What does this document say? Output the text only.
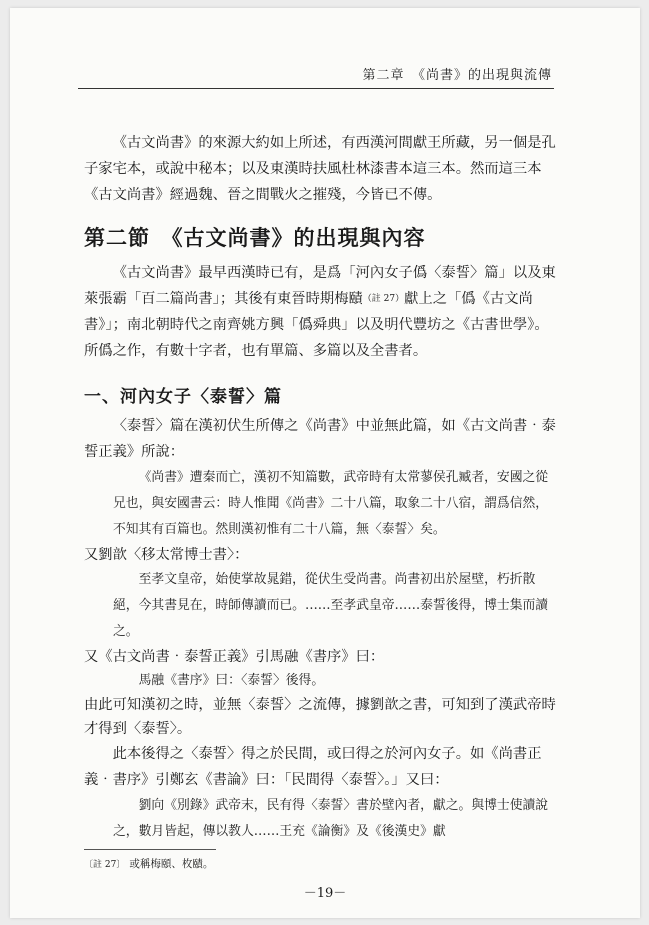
第二章　《尚書》的出現與流傳

《古文尚書》的來源大約如上所述，有西漢河間獻王所藏，另一個是孔子家宅本，或說中秘本；以及東漢時扶風杜林漆書本這三本。然而這三本《古文尚書》經過魏、晉之間戰火之摧殘，今皆已不傳。

第二節　《古文尚書》的出現與內容

《古文尚書》最早西漢時已有，是爲「河內女子僞〈泰誓〉篇」以及東萊張霸「百二篇尚書」；其後有東晉時期梅賾（註 27）獻上之「僞《古文尚書》」；南北朝時代之南齊姚方興「僞舜典」以及明代豐坊之《古書世學》。所僞之作，有數十字者，也有單篇、多篇以及全書者。

一、河內女子〈泰誓〉篇

〈泰誓〉篇在漢初伏生所傳之《尚書》中並無此篇，如《古文尚書‧泰誓正義》所說：

《尚書》遭秦而亡，漢初不知篇數，武帝時有太常蓼侯孔臧者，安國之從兄也，與安國書云：時人惟聞《尚書》二十八篇，取象二十八宿，謂爲信然，不知其有百篇也。然則漢初惟有二十八篇，無〈泰誓〉矣。

又劉歆〈移太常博士書〉：

至孝文皇帝，始使掌故晁錯，從伏生受尚書。尚書初出於屋壁，朽折散絕，今其書見在，時師傳讀而已。……至孝武皇帝……泰誓後得，博士集而讀之。

又《古文尚書‧泰誓正義》引馬融《書序》曰：

馬融《書序》曰：〈泰誓〉後得。

由此可知漢初之時，並無〈泰誓〉之流傳，據劉歆之書，可知到了漢武帝時才得到〈泰誓〉。

此本後得之〈泰誓〉得之於民間，或曰得之於河內女子。如《尚書正義‧書序》引鄭玄《書論》曰：「民間得〈泰誓〉。」又曰：

劉向《別錄》武帝末，民有得〈泰誓〉書於壁內者，獻之。與博士使讀說之，數月皆起，傳以教人……王充《論衡》及《後漢史》獻

〔註 27〕 或稱梅頤、枚賾。
－19－
